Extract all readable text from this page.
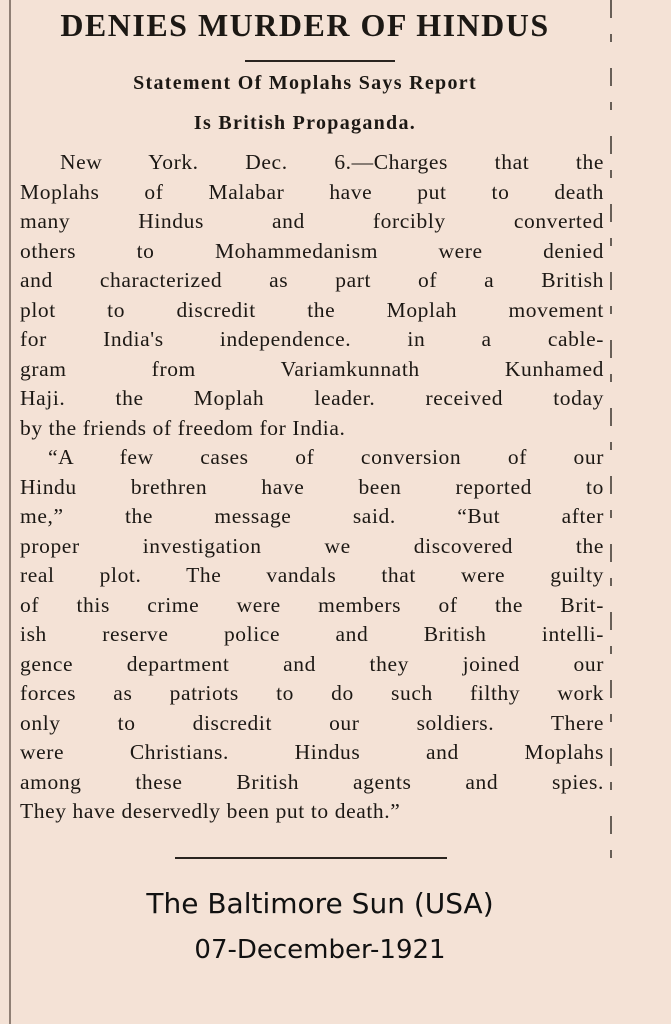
DENIES MURDER OF HINDUS
Statement Of Moplahs Says Report
Is British Propaganda.
New York. Dec. 6.—Charges that the
Moplahs of Malabar have put to death
many Hindus and forcibly converted
others to Mohammedanism were denied
and characterized as part of a British
plot to discredit the Moplah movement
for India's independence. in a cable-
gram from Variamkunnath Kunhamed
Haji. the Moplah leader. received today
by the friends of freedom for India.
“A few cases of conversion of our
Hindu brethren have been reported to
me,” the message said. “But after
proper investigation we discovered the
real plot. The vandals that were guilty
of this crime were members of the Brit-
ish reserve police and British intelli-
gence department and they joined our
forces as patriots to do such filthy work
only to discredit our soldiers. There
were Christians. Hindus and Moplahs
among these British agents and spies.
They have deservedly been put to death.”
The Baltimore Sun (USA)
07-December-1921
